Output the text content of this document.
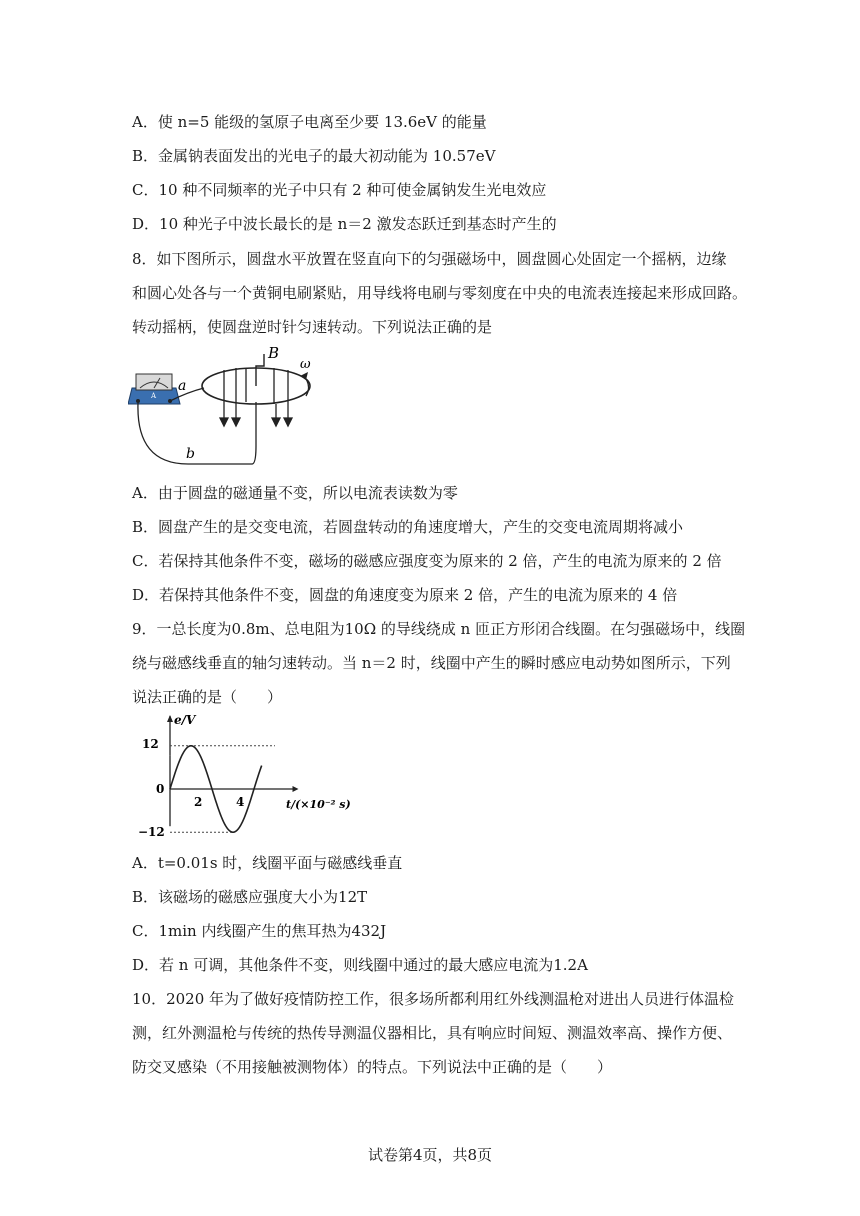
A．使 n=5 能级的氢原子电离至少要 13.6eV 的能量
B．金属钠表面发出的光电子的最大初动能为 10.57eV
C．10 种不同频率的光子中只有 2 种可使金属钠发生光电效应
D．10 种光子中波长最长的是 n＝2 激发态跃迁到基态时产生的
8．如下图所示，圆盘水平放置在竖直向下的匀强磁场中，圆盘圆心处固定一个摇柄，边缘
和圆心处各与一个黄铜电刷紧贴，用导线将电刷与零刻度在中央的电流表连接起来形成回路。
转动摇柄，使圆盘逆时针匀速转动。下列说法正确的是
A
B
ω
a
b
A．由于圆盘的磁通量不变，所以电流表读数为零
B．圆盘产生的是交变电流，若圆盘转动的角速度增大，产生的交变电流周期将减小
C．若保持其他条件不变，磁场的磁感应强度变为原来的 2 倍，产生的电流为原来的 2 倍
D．若保持其他条件不变，圆盘的角速度变为原来 2 倍，产生的电流为原来的 4 倍
9．一总长度为0.8m、总电阻为10Ω 的导线绕成 n 匝正方形闭合线圈。在匀强磁场中，线圈
绕与磁感线垂直的轴匀速转动。当 n＝2 时，线圈中产生的瞬时感应电动势如图所示，下列
说法正确的是（　　）
e/V
t/(×10⁻² s)
12
0
−12
2	4
A．t=0.01s 时，线圈平面与磁感线垂直
B．该磁场的磁感应强度大小为12T
C．1min 内线圈产生的焦耳热为432J
D．若 n 可调，其他条件不变，则线圈中通过的最大感应电流为1.2A
10．2020 年为了做好疫情防控工作，很多场所都利用红外线测温枪对进出人员进行体温检
测，红外测温枪与传统的热传导测温仪器相比，具有响应时间短、测温效率高、操作方便、
防交叉感染（不用接触被测物体）的特点。下列说法中正确的是（　　）
试卷第4页，共8页
